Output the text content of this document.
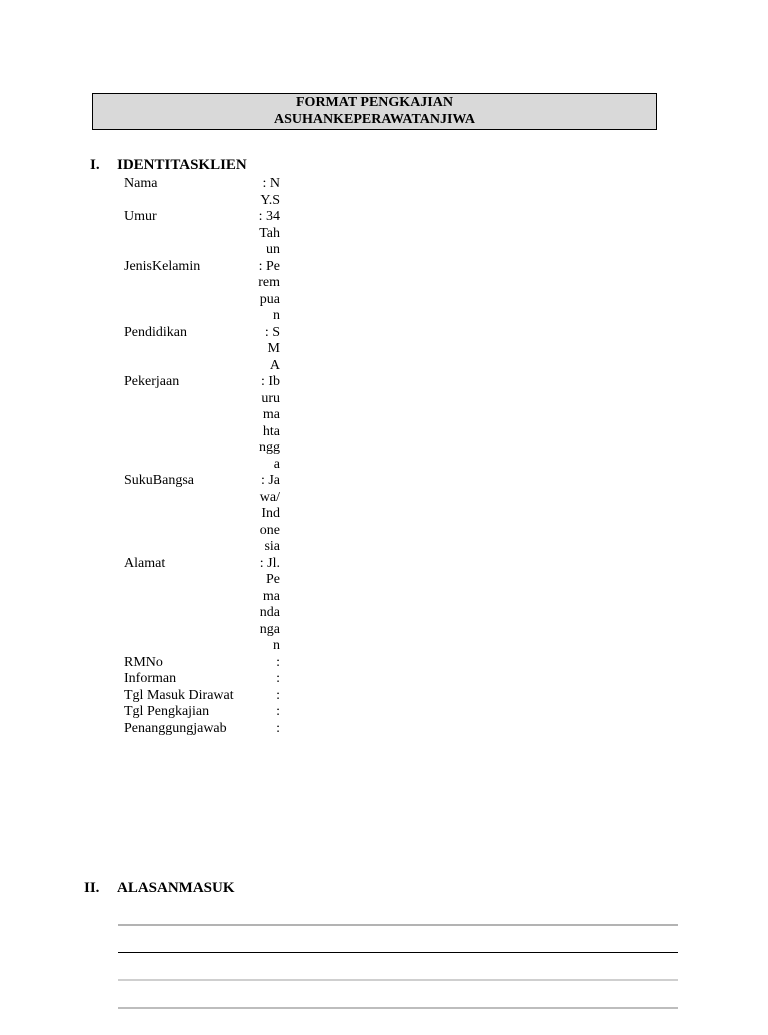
FORMAT PENGKAJIAN
ASUHANKEPERAWATANJIWA
I. IDENTITASKLIEN
Nama	: NY.S
Umur	: 34Tahun
JenisKelamin	: Perempuan
Pendidikan	: SMA
Pekerjaan	: Iburumahtangga
SukuBangsa	: Jawa/Indonesia
Alamat	: Jl. Pemandangan
RMNo	:
Informan	:
Tgl Masuk Dirawat	:
Tgl Pengkajian	:
Penanggungjawab	:
II. ALASANMASUK
